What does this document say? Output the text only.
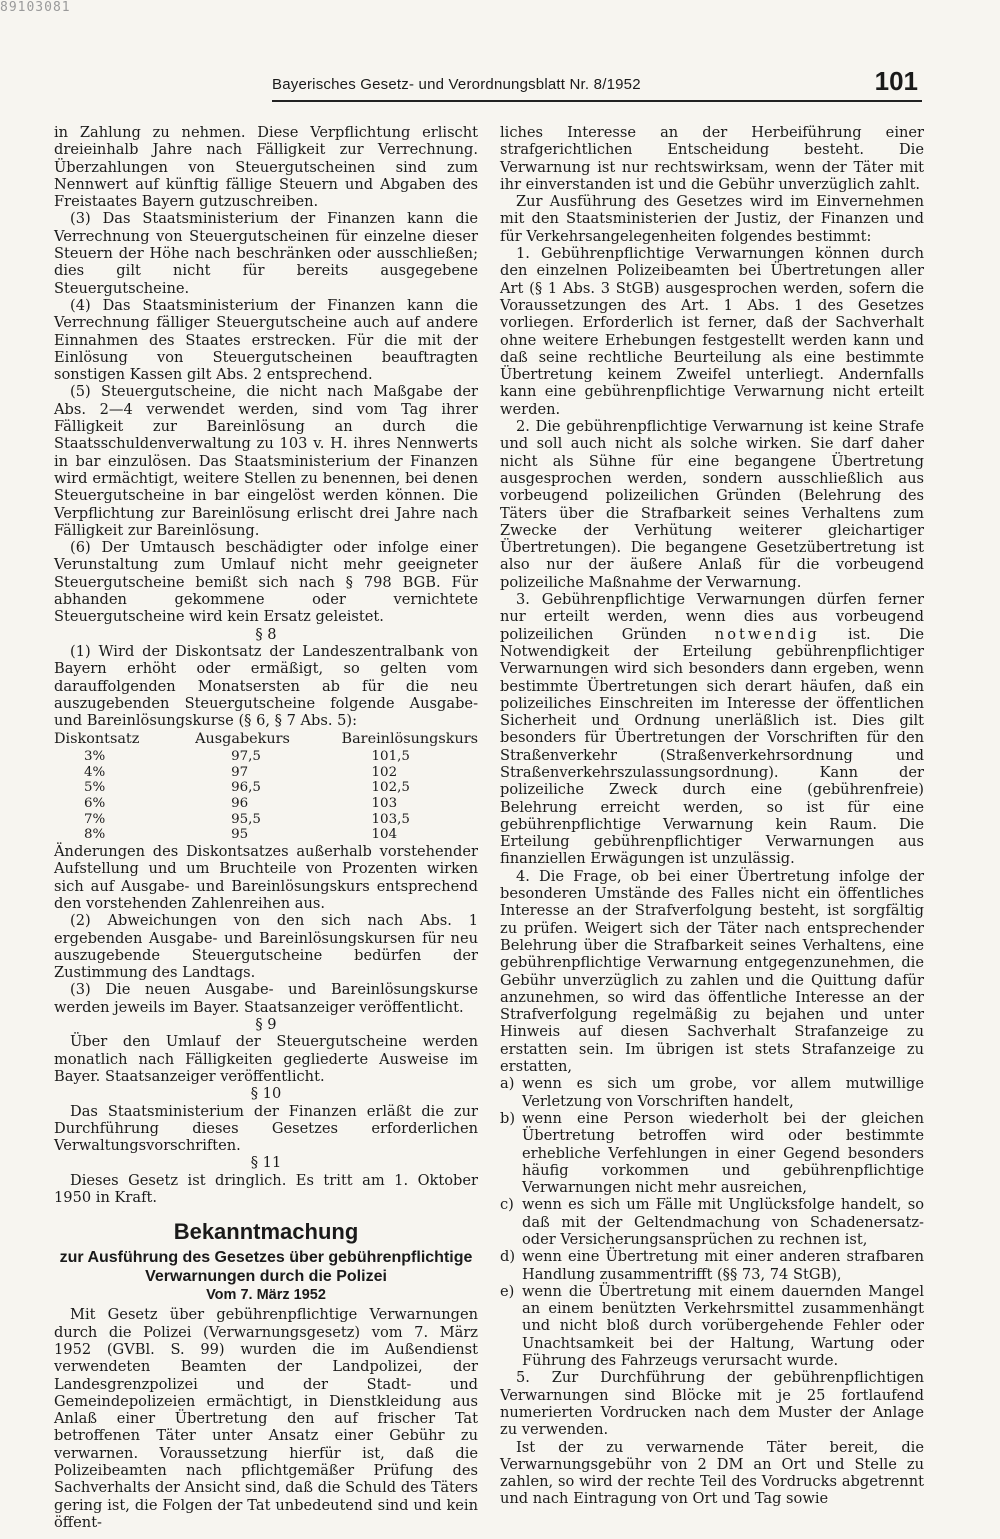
89103081
Bayerisches Gesetz- und Verordnungsblatt Nr. 8/1952	101

in Zahlung zu nehmen. Diese Verpflichtung erlischt dreieinhalb Jahre nach Fälligkeit zur Verrechnung. Überzahlungen von Steuergutscheinen sind zum Nennwert auf künftig fällige Steuern und Abgaben des Freistaates Bayern gutzuschreiben.

(3) Das Staatsministerium der Finanzen kann die Verrechnung von Steuergutscheinen für einzelne dieser Steuern der Höhe nach beschränken oder ausschließen; dies gilt nicht für bereits ausgegebene Steuergutscheine.

(4) Das Staatsministerium der Finanzen kann die Verrechnung fälliger Steuergutscheine auch auf andere Einnahmen des Staates erstrecken. Für die mit der Einlösung von Steuergutscheinen beauftragten sonstigen Kassen gilt Abs. 2 entsprechend.

(5) Steuergutscheine, die nicht nach Maßgabe der Abs. 2—4 verwendet werden, sind vom Tag ihrer Fälligkeit zur Bareinlösung an durch die Staatsschuldenverwaltung zu 103 v. H. ihres Nennwerts in bar einzulösen. Das Staatsministerium der Finanzen wird ermächtigt, weitere Stellen zu benennen, bei denen Steuergutscheine in bar eingelöst werden können. Die Verpflichtung zur Bareinlösung erlischt drei Jahre nach Fälligkeit zur Bareinlösung.

(6) Der Umtausch beschädigter oder infolge einer Verunstaltung zum Umlauf nicht mehr geeigneter Steuergutscheine bemißt sich nach § 798 BGB. Für abhanden gekommene oder vernichtete Steuergutscheine wird kein Ersatz geleistet.

§ 8

(1) Wird der Diskontsatz der Landeszentralbank von Bayern erhöht oder ermäßigt, so gelten vom darauffolgenden Monatsersten ab für die neu auszugebenden Steuergutscheine folgende Ausgabe- und Bareinlösungskurse (§ 6, § 7 Abs. 5):

Diskontsatz	Ausgabekurs	Bareinlösungskurs
3%	97,5	101,5
4%	97	102
5%	96,5	102,5
6%	96	103
7%	95,5	103,5
8%	95	104

Änderungen des Diskontsatzes außerhalb vorstehender Aufstellung und um Bruchteile von Prozenten wirken sich auf Ausgabe- und Bareinlösungskurs entsprechend den vorstehenden Zahlenreihen aus.

(2) Abweichungen von den sich nach Abs. 1 ergebenden Ausgabe- und Bareinlösungskursen für neu auszugebende Steuergutscheine bedürfen der Zustimmung des Landtags.

(3) Die neuen Ausgabe- und Bareinlösungskurse werden jeweils im Bayer. Staatsanzeiger veröffentlicht.

§ 9

Über den Umlauf der Steuergutscheine werden monatlich nach Fälligkeiten gegliederte Ausweise im Bayer. Staatsanzeiger veröffentlicht.

§ 10

Das Staatsministerium der Finanzen erläßt die zur Durchführung dieses Gesetzes erforderlichen Verwaltungsvorschriften.

§ 11

Dieses Gesetz ist dringlich. Es tritt am 1. Oktober 1950 in Kraft.

Bekanntmachung

zur Ausführung des Gesetzes über gebührenpflichtige Verwarnungen durch die Polizei

Vom 7. März 1952

Mit Gesetz über gebührenpflichtige Verwarnungen durch die Polizei (Verwarnungsgesetz) vom 7. März 1952 (GVBl. S. 99) wurden die im Außendienst verwendeten Beamten der Landpolizei, der Landesgrenzpolizei und der Stadt- und Gemeindepolizeien ermächtigt, in Dienstkleidung aus Anlaß einer Übertretung den auf frischer Tat betroffenen Täter unter Ansatz einer Gebühr zu verwarnen. Voraussetzung hierfür ist, daß die Polizeibeamten nach pflichtgemäßer Prüfung des Sachverhalts der Ansicht sind, daß die Schuld des Täters gering ist, die Folgen der Tat unbedeutend sind und kein öffent-

liches Interesse an der Herbeiführung einer strafgerichtlichen Entscheidung besteht. Die Verwarnung ist nur rechtswirksam, wenn der Täter mit ihr einverstanden ist und die Gebühr unverzüglich zahlt.

Zur Ausführung des Gesetzes wird im Einvernehmen mit den Staatsministerien der Justiz, der Finanzen und für Verkehrsangelegenheiten folgendes bestimmt:

1. Gebührenpflichtige Verwarnungen können durch den einzelnen Polizeibeamten bei Übertretungen aller Art (§ 1 Abs. 3 StGB) ausgesprochen werden, sofern die Voraussetzungen des Art. 1 Abs. 1 des Gesetzes vorliegen. Erforderlich ist ferner, daß der Sachverhalt ohne weitere Erhebungen festgestellt werden kann und daß seine rechtliche Beurteilung als eine bestimmte Übertretung keinem Zweifel unterliegt. Andernfalls kann eine gebührenpflichtige Verwarnung nicht erteilt werden.

2. Die gebührenpflichtige Verwarnung ist keine Strafe und soll auch nicht als solche wirken. Sie darf daher nicht als Sühne für eine begangene Übertretung ausgesprochen werden, sondern ausschließlich aus vorbeugend polizeilichen Gründen (Belehrung des Täters über die Strafbarkeit seines Verhaltens zum Zwecke der Verhütung weiterer gleichartiger Übertretungen). Die begangene Gesetzübertretung ist also nur der äußere Anlaß für die vorbeugend polizeiliche Maßnahme der Verwarnung.

3. Gebührenpflichtige Verwarnungen dürfen ferner nur erteilt werden, wenn dies aus vorbeugend polizeilichen Gründen notwendig ist. Die Notwendigkeit der Erteilung gebührenpflichtiger Verwarnungen wird sich besonders dann ergeben, wenn bestimmte Übertretungen sich derart häufen, daß ein polizeiliches Einschreiten im Interesse der öffentlichen Sicherheit und Ordnung unerläßlich ist. Dies gilt besonders für Übertretungen der Vorschriften für den Straßenverkehr (Straßenverkehrsordnung und Straßenverkehrszulassungsordnung). Kann der polizeiliche Zweck durch eine (gebührenfreie) Belehrung erreicht werden, so ist für eine gebührenpflichtige Verwarnung kein Raum. Die Erteilung gebührenpflichtiger Verwarnungen aus finanziellen Erwägungen ist unzulässig.

4. Die Frage, ob bei einer Übertretung infolge der besonderen Umstände des Falles nicht ein öffentliches Interesse an der Strafverfolgung besteht, ist sorgfältig zu prüfen. Weigert sich der Täter nach entsprechender Belehrung über die Strafbarkeit seines Verhaltens, eine gebührenpflichtige Verwarnung entgegenzunehmen, die Gebühr unverzüglich zu zahlen und die Quittung dafür anzunehmen, so wird das öffentliche Interesse an der Strafverfolgung regelmäßig zu bejahen und unter Hinweis auf diesen Sachverhalt Strafanzeige zu erstatten sein. Im übrigen ist stets Strafanzeige zu erstatten,

a) wenn es sich um grobe, vor allem mutwillige Verletzung von Vorschriften handelt,
b) wenn eine Person wiederholt bei der gleichen Übertretung betroffen wird oder bestimmte erhebliche Verfehlungen in einer Gegend besonders häufig vorkommen und gebührenpflichtige Verwarnungen nicht mehr ausreichen,
c) wenn es sich um Fälle mit Unglücksfolge handelt, so daß mit der Geltendmachung von Schadenersatz- oder Versicherungsansprüchen zu rechnen ist,
d) wenn eine Übertretung mit einer anderen strafbaren Handlung zusammentrifft (§§ 73, 74 StGB),
e) wenn die Übertretung mit einem dauernden Mangel an einem benützten Verkehrsmittel zusammenhängt und nicht bloß durch vorübergehende Fehler oder Unachtsamkeit bei der Haltung, Wartung oder Führung des Fahrzeugs verursacht wurde.

5. Zur Durchführung der gebührenpflichtigen Verwarnungen sind Blöcke mit je 25 fortlaufend numerierten Vordrucken nach dem Muster der Anlage zu verwenden.

Ist der zu verwarnende Täter bereit, die Verwarnungsgebühr von 2 DM an Ort und Stelle zu zahlen, so wird der rechte Teil des Vordrucks abgetrennt und nach Eintragung von Ort und Tag sowie
